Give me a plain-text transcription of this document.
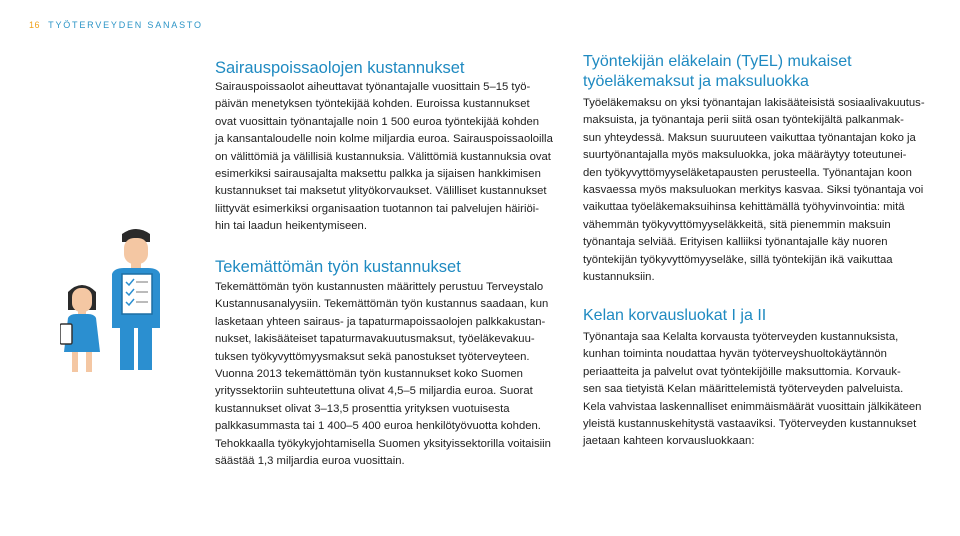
16 TYÖTERVEYDEN SANASTO
Sairauspoissaolojen kustannukset

Sairauspoissaolot aiheuttavat työnantajalle vuosittain 5–15 työ-
päivän menetyksen työntekijää kohden. Euroissa kustannukset
ovat vuosittain työnantajalle noin 1 500 euroa työntekijää kohden
ja kansantaloudelle noin kolme miljardia euroa. Sairauspoissaoloilla
on välittömiä ja välillisiä kustannuksia. Välittömiä kustannuksia ovat
esimerkiksi sairausajalta maksettu palkka ja sijaisen hankkimisen
kustannukset tai maksetut ylityökorvaukset. Välilliset kustannukset
liittyvät esimerkiksi organisaation tuotannon tai palvelujen häiriöi-
hin tai laadun heikentymiseen.

Tekemättömän työn kustannukset

Tekemättömän työn kustannusten määrittely perustuu Terveystalo
Kustannusanalyysiin. Tekemättömän työn kustannus saadaan, kun
lasketaan yhteen sairaus- ja tapaturmapoissaolojen palkkakustan-
nukset, lakisääteiset tapaturmavakuutusmaksut, työeläkevakuu-
tuksen työkyvyttömyysmaksut sekä panostukset työterveyteen.
Vuonna 2013 tekemättömän työn kustannukset koko Suomen
yrityssektoriin suhteutettuna olivat 4,5–5 miljardia euroa. Suorat
kustannukset olivat 3–13,5 prosenttia yrityksen vuotuisesta
palkkasummasta tai 1 400–5 400 euroa henkilötyövuotta kohden.
Tehokkaalla työkykyjohtamisella Suomen yksityissektorilla voitaisiin
säästää 1,3 miljardia euroa vuosittain.

Työntekijän eläkelain (TyEL) mukaiset
työeläkemaksut ja maksuluokka

Työeläkemaksu on yksi työnantajan lakisääteisistä sosiaalivakuutus-
maksuista, ja työnantaja perii siitä osan työntekijältä palkanmak-
sun yhteydessä. Maksun suuruuteen vaikuttaa työnantajan koko ja
suurtyönantajalla myös maksuluokka, joka määräytyy toteutunei-
den työkyvyttömyyseläketapausten perusteella. Työnantajan koon
kasvaessa myös maksuluokan merkitys kasvaa. Siksi työnantaja voi
vaikuttaa työeläkemaksuihinsa kehittämällä työhyvinvointia: mitä
vähemmän työkyvyttömyyseläkkeitä, sitä pienemmin maksuin
työnantaja selviää. Erityisen kalliiksi työnantajalle käy nuoren
työntekijän työkyvyttömyyseläke, sillä työntekijän ikä vaikuttaa
kustannuksiin.

Kelan korvausluokat I ja II

Työnantaja saa Kelalta korvausta työterveyden kustannuksista,
kunhan toiminta noudattaa hyvän työterveyshuoltokäytännön
periaatteita ja palvelut ovat työntekijöille maksuttomia. Korvauk-
sen saa tietyistä Kelan määrittelemistä työterveyden palveluista.
Kela vahvistaa laskennalliset enimmäismäärät vuosittain jälkikäteen
yleistä kustannuskehitystä vastaaviksi. Työterveyden kustannukset
jaetaan kahteen korvausluokkaan:
